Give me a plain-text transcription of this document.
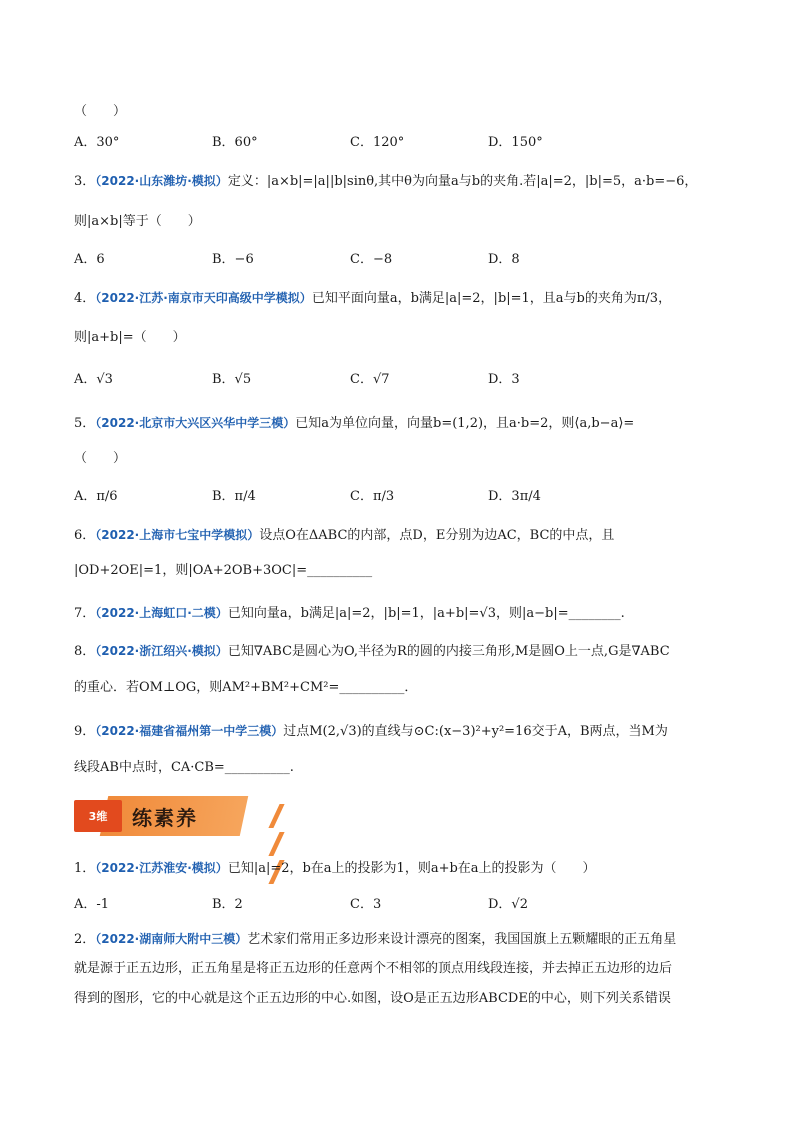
（　　）
A．30°	B．60°	C．120°	D．150°
3．（2022·山东潍坊·模拟）定义：|a×b|=|a||b|sinθ,其中θ为向量a与b的夹角.若|a|=2，|b|=5，a·b=−6，
则|a×b|等于（　　）
A．6	B．−6	C．−8	D．8
4．（2022·江苏·南京市天印高级中学模拟）已知平面向量a，b满足|a|=2，|b|=1，且a与b的夹角为π/3，
则|a+b|=（　　）
A．√3	B．√5	C．√7	D．3
5．（2022·北京市大兴区兴华中学三模）已知a为单位向量，向量b=(1,2)，且a·b=2，则⟨a,b−a⟩=
（　　）
A．π/6	B．π/4	C．π/3	D．3π/4
6．（2022·上海市七宝中学模拟）设点O在ΔABC的内部，点D，E分别为边AC，BC的中点，且
|OD+2OE|=1，则|OA+2OB+3OC|=__________
7．（2022·上海虹口·二模）已知向量a，b满足|a|=2，|b|=1，|a+b|=√3，则|a−b|=________.
8．（2022·浙江绍兴·模拟）已知∇ABC是圆心为O,半径为R的圆的内接三角形,M是圆O上一点,G是∇ABC
的重心．若OM⊥OG，则AM²+BM²+CM²=__________．
9．（2022·福建省福州第一中学三模）过点M(2,√3)的直线与⊙C:(x−3)²+y²=16交于A，B两点，当M为
线段AB中点时，CA·CB=__________.
3维	练素养
1．（2022·江苏淮安·模拟）已知|a|=2，b在a上的投影为1，则a+b在a上的投影为（　　）
A．-1	B．2	C．3	D．√2
2．（2022·湖南师大附中三模）艺术家们常用正多边形来设计漂亮的图案，我国国旗上五颗耀眼的正五角星
就是源于正五边形，正五角星是将正五边形的任意两个不相邻的顶点用线段连接，并去掉正五边形的边后
得到的图形，它的中心就是这个正五边形的中心.如图，设O是正五边形ABCDE的中心，则下列关系错误
